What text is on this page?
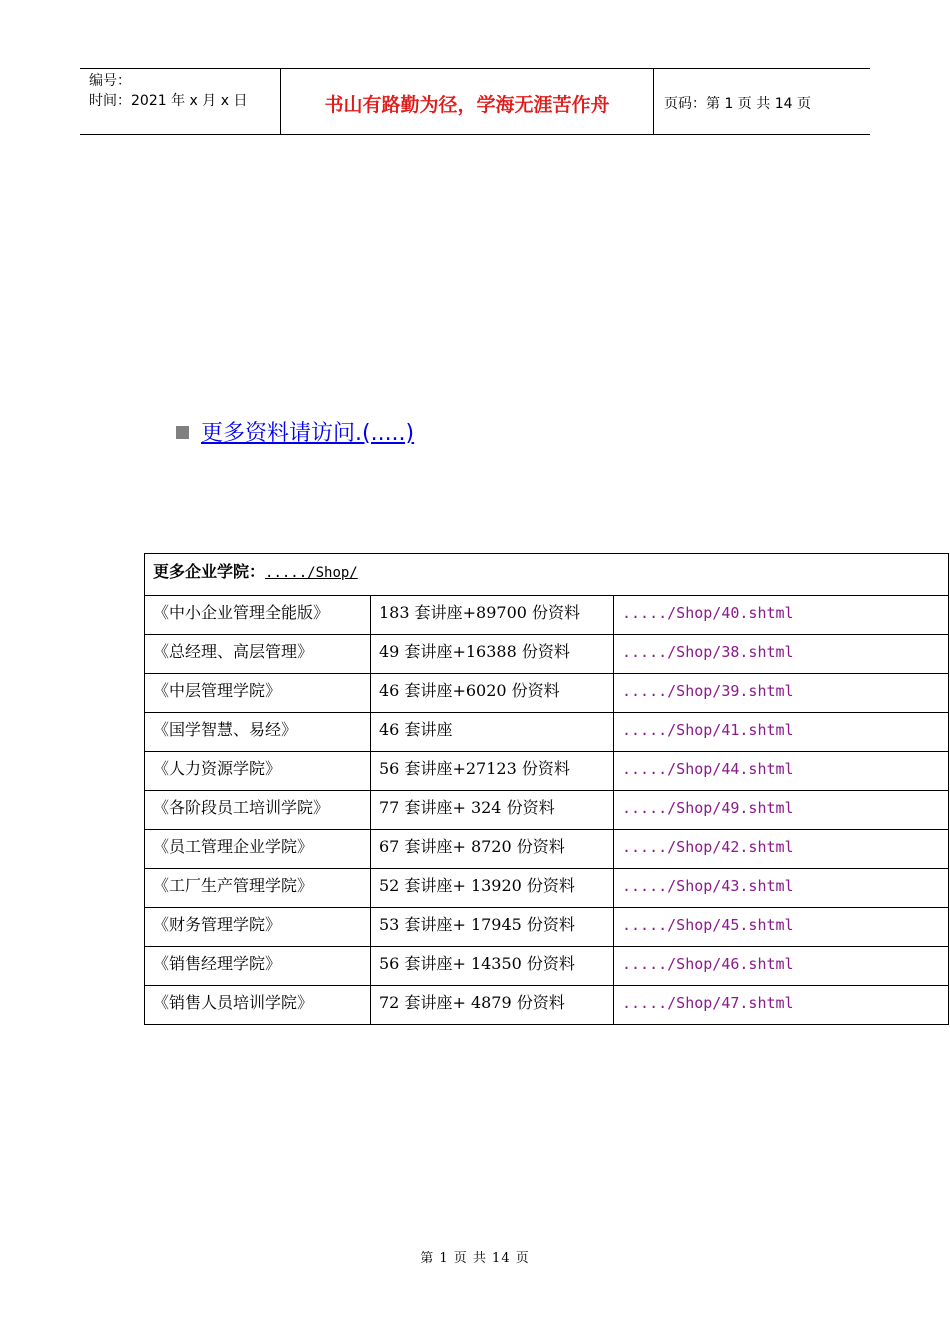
编号：
时间：2021 年 x 月 x 日	书山有路勤为径，学海无涯苦作舟	页码：第 1 页 共 14 页
更多资料请访问.(.....)
更多企业学院：...../Shop/		

《中小企业管理全能版》	183 套讲座+89700 份资料	...../Shop/40.shtml

《总经理、高层管理》	49 套讲座+16388 份资料	...../Shop/38.shtml

《中层管理学院》	46 套讲座+6020 份资料	...../Shop/39.shtml

《国学智慧、易经》	46 套讲座	...../Shop/41.shtml

《人力资源学院》	56 套讲座+27123 份资料	...../Shop/44.shtml

《各阶段员工培训学院》	77 套讲座+ 324 份资料	...../Shop/49.shtml

《员工管理企业学院》	67 套讲座+ 8720 份资料	...../Shop/42.shtml

《工厂生产管理学院》	52 套讲座+ 13920 份资料	...../Shop/43.shtml

《财务管理学院》	53 套讲座+ 17945 份资料	...../Shop/45.shtml

《销售经理学院》	56 套讲座+ 14350 份资料	...../Shop/46.shtml

《销售人员培训学院》	72 套讲座+ 4879 份资料	...../Shop/47.shtml
第 1 页 共 14 页
